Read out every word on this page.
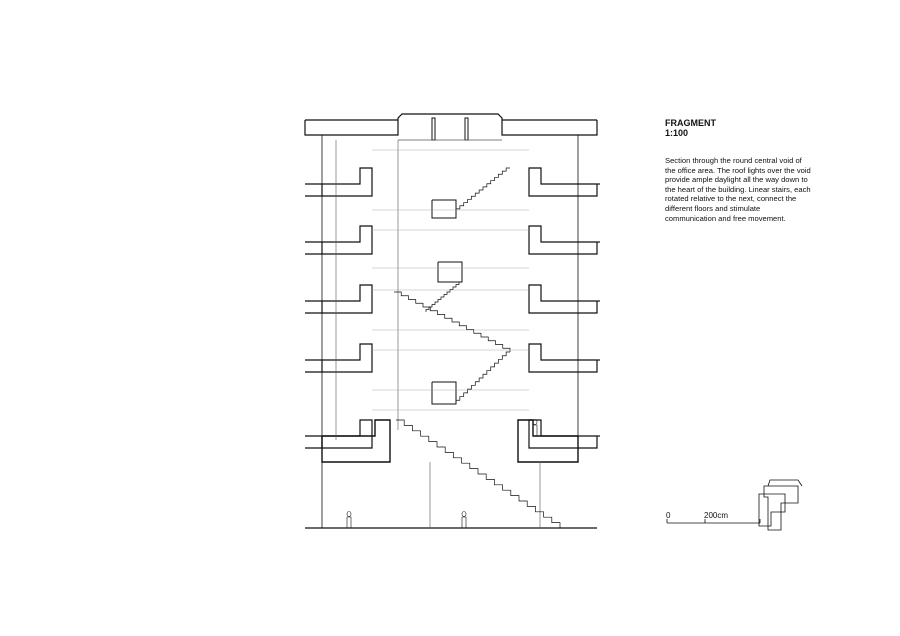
FRAGMENT

1:100

Section through the round central void of the office area. The roof lights over the void provide ample daylight all the way down to the heart of the building. Linear stairs, each rotated relative to the next, connect the different floors and stimulate communication and free movement.

0	200cm
